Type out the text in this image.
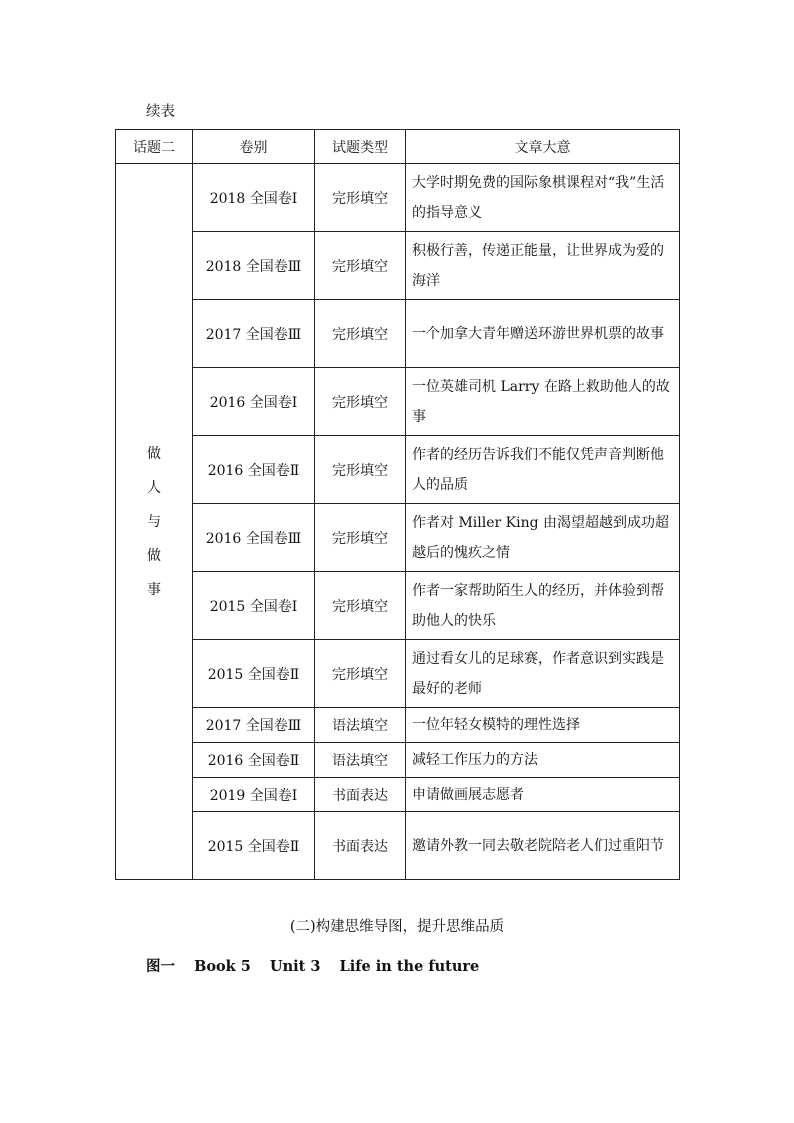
续表
话题二	卷别	试题类型	文章大意
做人与做事	2018 全国卷Ⅰ	完形填空	大学时期免费的国际象棋课程对“我”生活的指导意义
	2018 全国卷Ⅲ	完形填空	积极行善，传递正能量，让世界成为爱的海洋
	2017 全国卷Ⅲ	完形填空	一个加拿大青年赠送环游世界机票的故事
	2016 全国卷Ⅰ	完形填空	一位英雄司机 Larry 在路上救助他人的故事
	2016 全国卷Ⅱ	完形填空	作者的经历告诉我们不能仅凭声音判断他人的品质
	2016 全国卷Ⅲ	完形填空	作者对 Miller King 由渴望超越到成功超越后的愧疚之情
	2015 全国卷Ⅰ	完形填空	作者一家帮助陌生人的经历，并体验到帮助他人的快乐
	2015 全国卷Ⅱ	完形填空	通过看女儿的足球赛，作者意识到实践是最好的老师
	2017 全国卷Ⅲ	语法填空	一位年轻女模特的理性选择
	2016 全国卷Ⅱ	语法填空	减轻工作压力的方法
	2019 全国卷Ⅰ	书面表达	申请做画展志愿者
	2015 全国卷Ⅱ	书面表达	邀请外教一同去敬老院陪老人们过重阳节
(二)构建思维导图，提升思维品质
图一 Book 5 Unit 3 Life in the future
